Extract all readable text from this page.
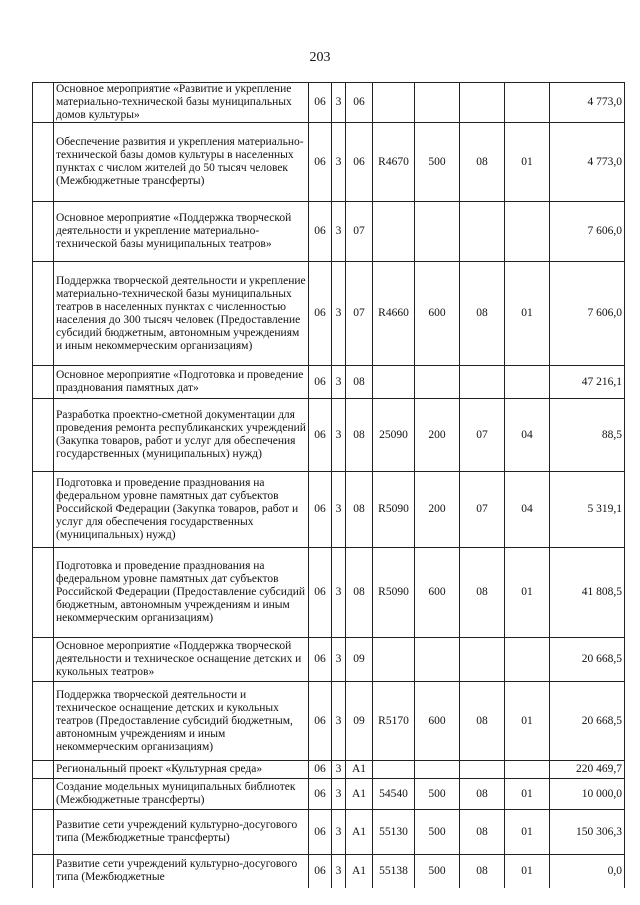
203
	Основное мероприятие «Развитие и укрепление материально-технической базы муниципальных домов культуры»	06	3	06					4 773,0
	Обеспечение развития и укрепления материально-технической базы домов культуры в населенных пунктах с числом жителей до 50 тысяч человек (Межбюджетные трансферты)	06	3	06	R4670	500	08	01	4 773,0
	Основное мероприятие «Поддержка творческой деятельности и укрепление материально-технической базы муниципальных театров»	06	3	07					7 606,0
	Поддержка творческой деятельности и укрепление материально-технической базы муниципальных театров в населенных пунктах с численностью населения до 300 тысяч человек (Предоставление субсидий бюджетным, автономным учреждениям и иным некоммерческим организациям)	06	3	07	R4660	600	08	01	7 606,0
	Основное мероприятие «Подготовка и проведение празднования памятных дат»	06	3	08					47 216,1
	Разработка проектно-сметной документации для проведения ремонта республиканских учреждений (Закупка товаров, работ и услуг для обеспечения государственных (муниципальных) нужд)	06	3	08	25090	200	07	04	88,5
	Подготовка и проведение празднования на федеральном уровне памятных дат субъектов Российской Федерации (Закупка товаров, работ и услуг для обеспечения государственных (муниципальных) нужд)	06	3	08	R5090	200	07	04	5 319,1
	Подготовка и проведение празднования на федеральном уровне памятных дат субъектов Российской Федерации (Предоставление субсидий бюджетным, автономным учреждениям и иным некоммерческим организациям)	06	3	08	R5090	600	08	01	41 808,5
	Основное мероприятие «Поддержка творческой деятельности и техническое оснащение детских и кукольных театров»	06	3	09					20 668,5
	Поддержка творческой деятельности и техническое оснащение детских и кукольных театров (Предоставление субсидий бюджетным, автономным учреждениям и иным некоммерческим организациям)	06	3	09	R5170	600	08	01	20 668,5
	Региональный проект «Культурная среда»	06	3	A1					220 469,7
	Создание модельных муниципальных библиотек (Межбюджетные трансферты)	06	3	A1	54540	500	08	01	10 000,0
	Развитие сети учреждений культурно-досугового типа (Межбюджетные трансферты)	06	3	A1	55130	500	08	01	150 306,3
	Развитие сети учреждений культурно-досугового типа (Межбюджетные	06	3	A1	55138	500	08	01	0,0
